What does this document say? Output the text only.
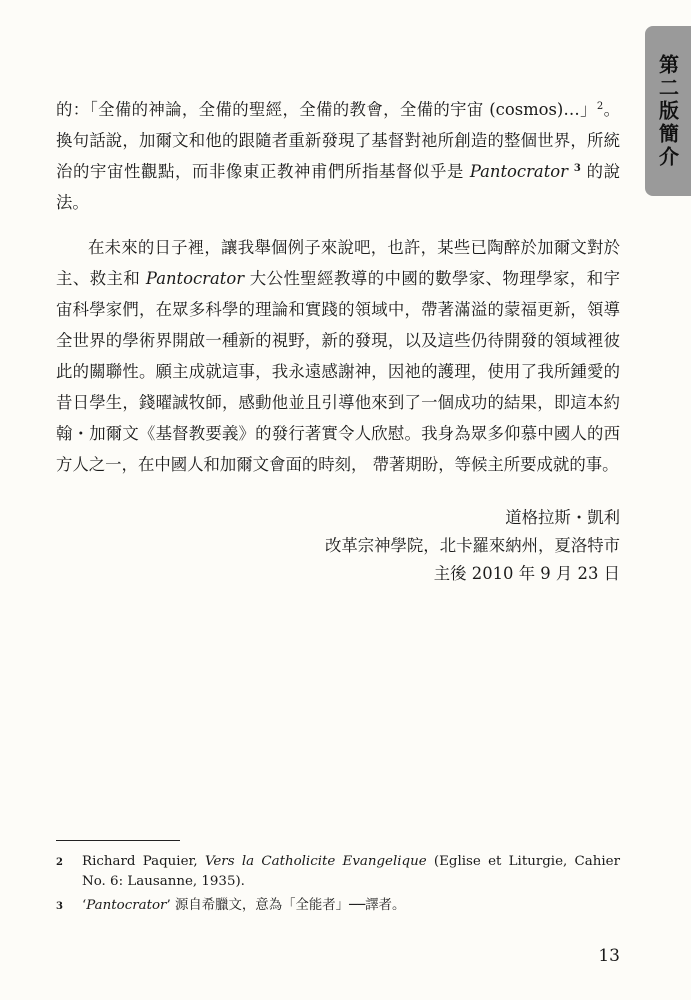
第二版簡介

的：「全備的神論，全備的聖經，全備的教會，全備的宇宙 (cosmos)…」$^2$。換句話說，加爾文和他的跟隨者重新發現了基督對祂所創造的整個世界，所統治的宇宙性觀點，而非像東正教神甫們所指基督似乎是 Pantocrator $^3$ 的說法。

在未來的日子裡，讓我舉個例子來說吧，也許，某些已陶醉於加爾文對於主、救主和 Pantocrator 大公性聖經教導的中國的數學家、物理學家，和宇宙科學家們，在眾多科學的理論和實踐的領域中，帶著滿溢的蒙福更新，領導全世界的學術界開啟一種新的視野，新的發現，以及這些仍待開發的領域裡彼此的關聯性。願主成就這事，我永遠感謝神，因祂的護理，使用了我所鍾愛的昔日學生，錢曜誠牧師，感動他並且引導他來到了一個成功的結果，即這本約翰・加爾文《基督教要義》的發行著實令人欣慰。我身為眾多仰慕中國人的西方人之一，在中國人和加爾文會面的時刻， 帶著期盼，等候主所要成就的事。

道格拉斯・凱利
改革宗神學院，北卡羅來納州，夏洛特市
主後 2010 年 9 月 23 日
2	Richard Paquier, Vers la Catholicite Evangelique (Eglise et Liturgie, Cahier No. 6: Lausanne, 1935).
3	‘Pantocrator’ 源自希臘文，意為「全能者」──譯者。
13
